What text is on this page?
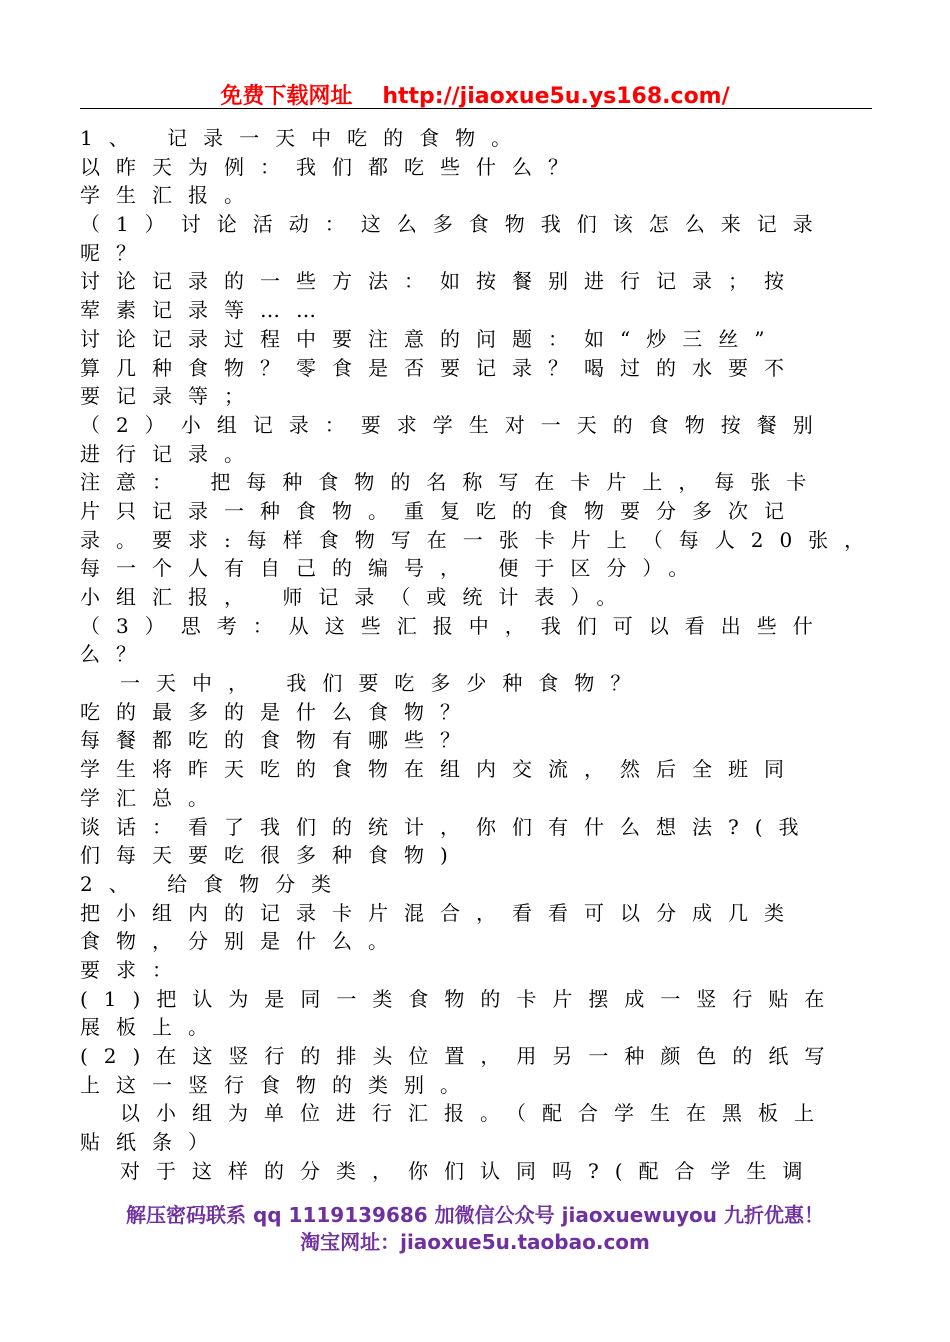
免费下载网址 http://jiaoxue5u.ys168.com/
1、 记录一天中吃的食物。
以昨天为例：我们都吃些什么？
学生汇报。
（1）讨论活动：这么多食物我们该怎么来记录
呢？
讨论记录的一些方法：如按餐别进行记录；按
荤素记录等……
讨论记录过程中要注意的问题：如“炒三丝”
算几种食物？零食是否要记录？喝过的水要不
要记录等；
（2）小组记录：要求学生对一天的食物按餐别
进行记录。
注意： 把每种食物的名称写在卡片上，每张卡
片只记录一种食物。重复吃的食物要分多次记
录。要求:每样食物写在一张卡片上（每人20张，
每一个人有自己的编号， 便于区分）。
小组汇报， 师记录（或统计表）。
（3）思考：从这些汇报中，我们可以看出些什
么？
一天中， 我们要吃多少种食物？
吃的最多的是什么食物？
每餐都吃的食物有哪些？
学生将昨天吃的食物在组内交流，然后全班同
学汇总。
谈话：看了我们的统计，你们有什么想法?(我
们每天要吃很多种食物)
2、 给食物分类
把小组内的记录卡片混合，看看可以分成几类
食物，分别是什么。
要求：
(1)把认为是同一类食物的卡片摆成一竖行贴在
展板上。
(2)在这竖行的排头位置，用另一种颜色的纸写
上这一竖行食物的类别。
以小组为单位进行汇报。（配合学生在黑板上
贴纸条）
对于这样的分类，你们认同吗?(配合学生调
解压密码联系 qq 1119139686 加微信公众号 jiaoxuewuyou 九折优惠！
淘宝网址：jiaoxue5u.taobao.com
